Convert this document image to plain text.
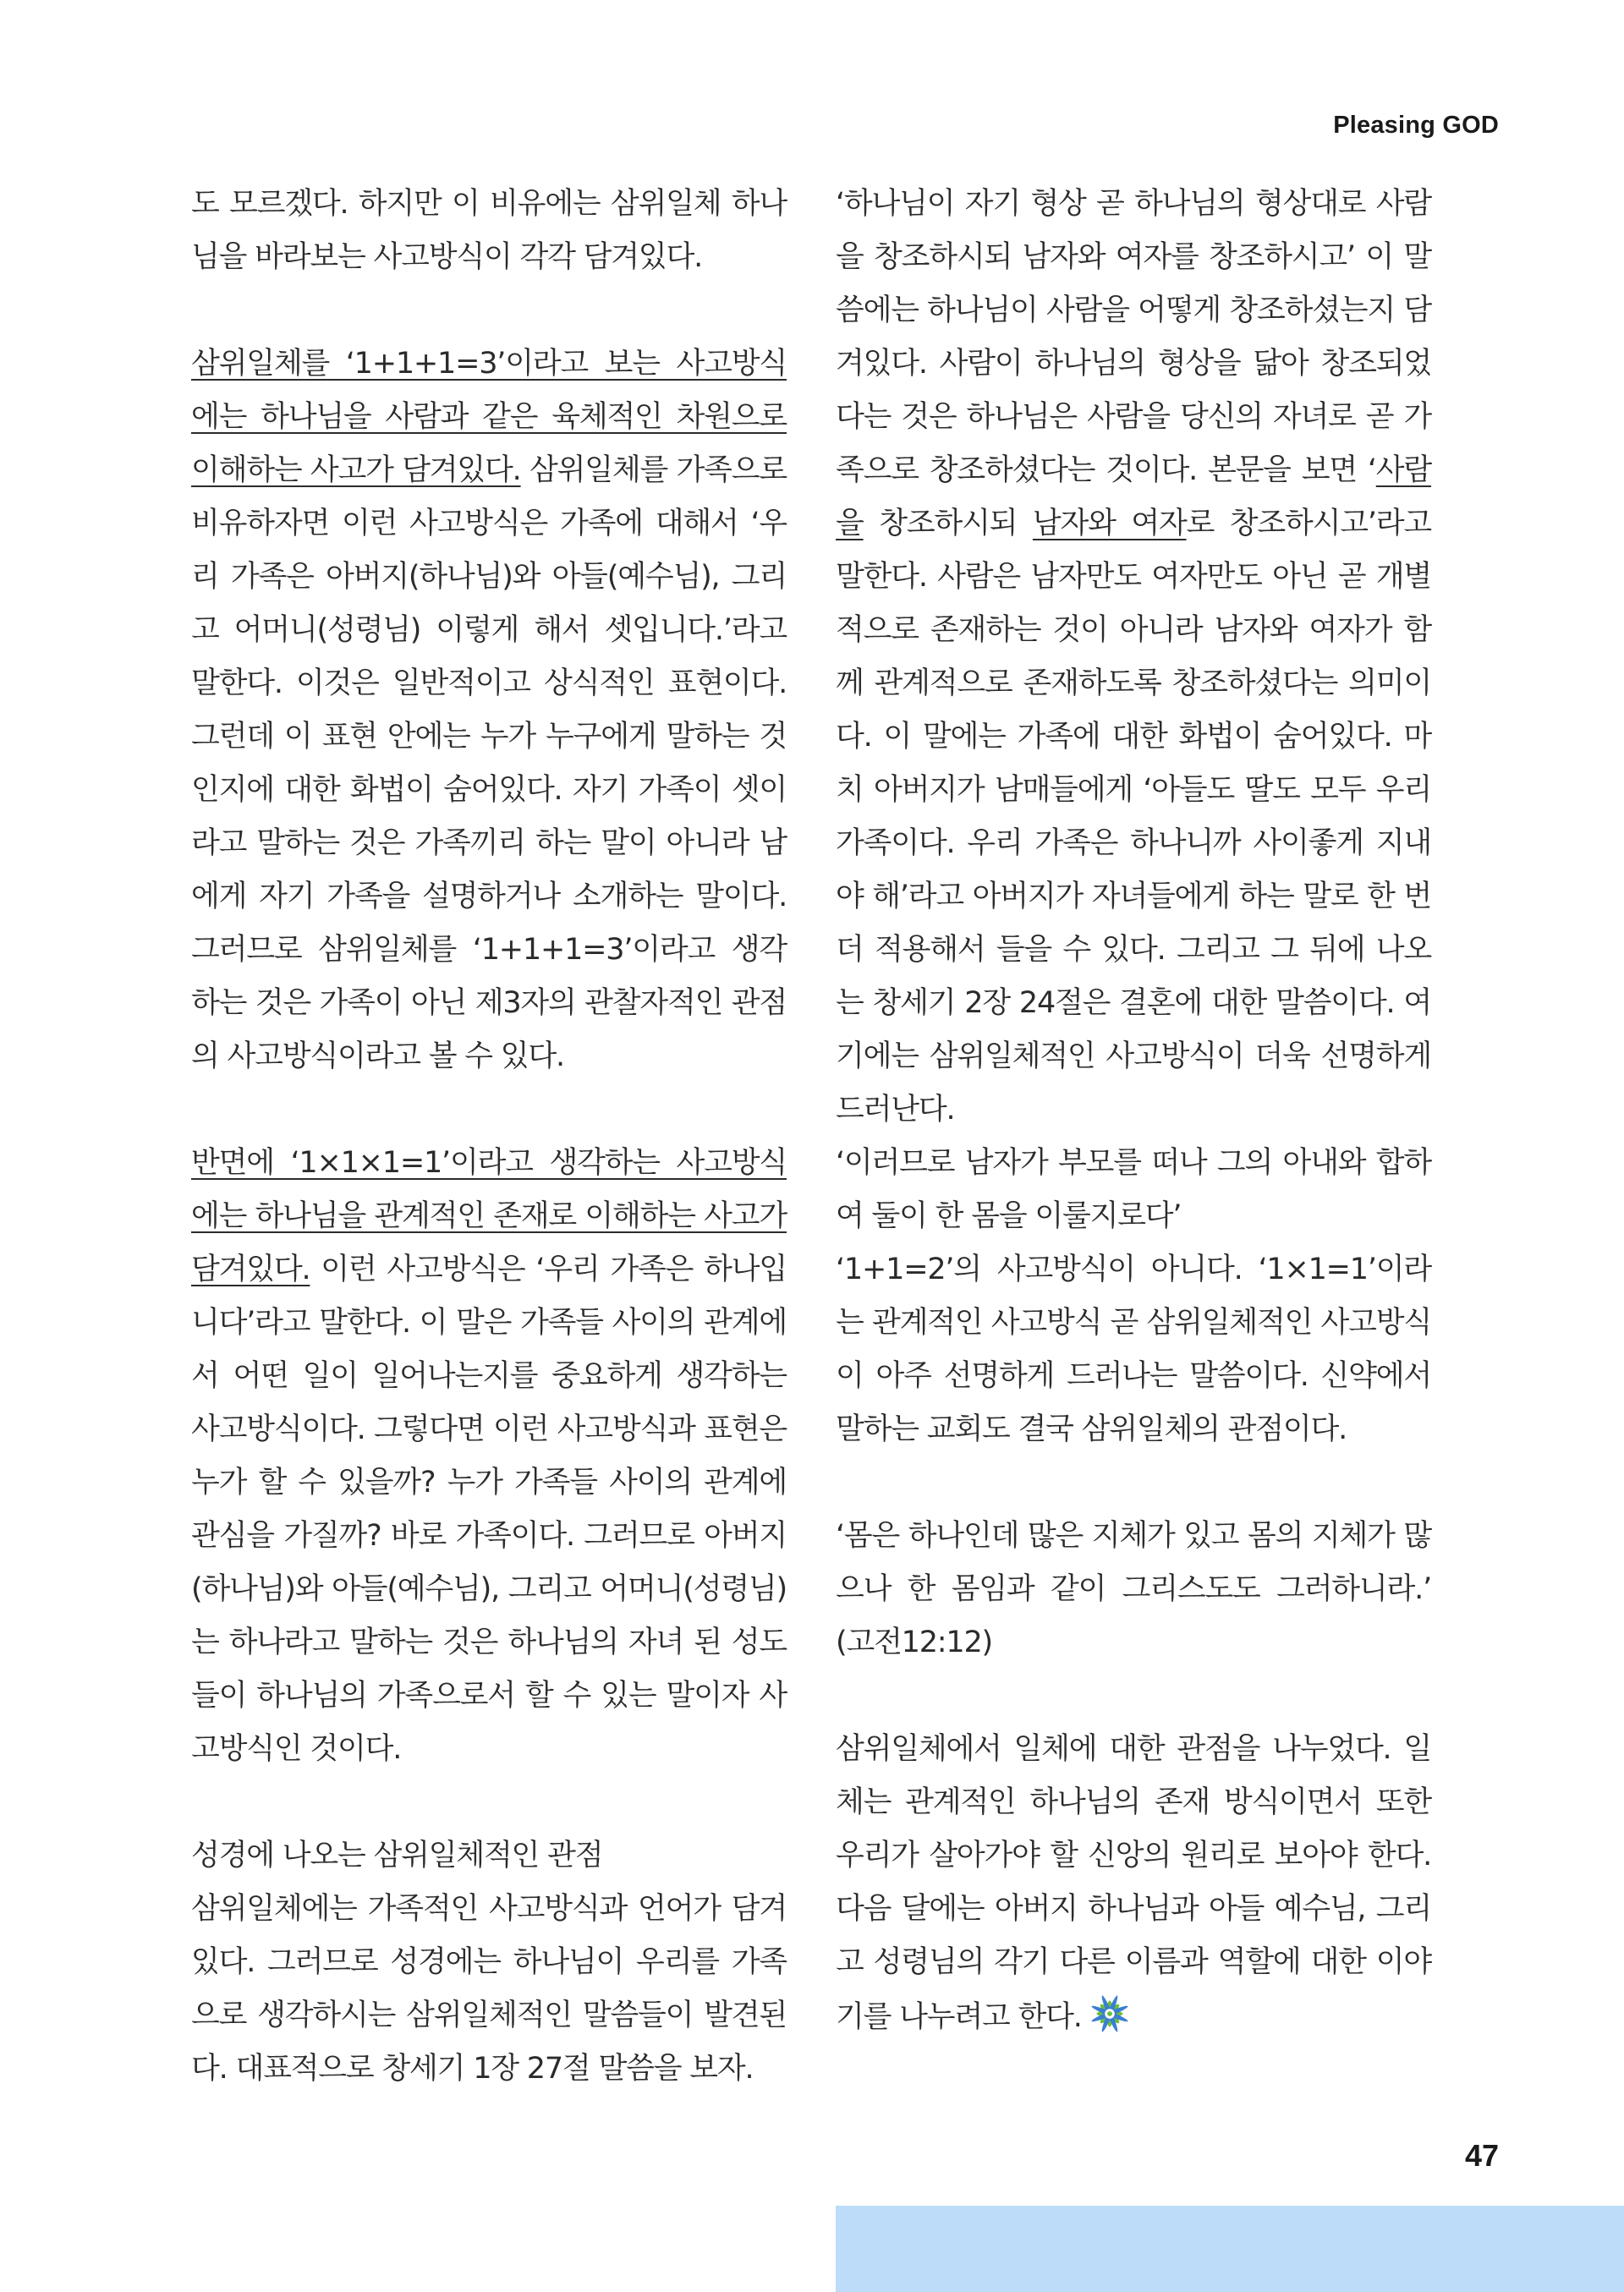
Pleasing GOD

도 모르겠다. 하지만 이 비유에는 삼위일체 하나님을 바라보는 사고방식이 각각 담겨있다.

삼위일체를 ‘1+1+1=3’이라고 보는 사고방식에는 하나님을 사람과 같은 육체적인 차원으로 이해하는 사고가 담겨있다. 삼위일체를 가족으로 비유하자면 이런 사고방식은 가족에 대해서 ‘우리 가족은 아버지(하나님)와 아들(예수님), 그리고 어머니(성령님) 이렇게 해서 셋입니다.’라고 말한다. 이것은 일반적이고 상식적인 표현이다. 그런데 이 표현 안에는 누가 누구에게 말하는 것인지에 대한 화법이 숨어있다. 자기 가족이 셋이라고 말하는 것은 가족끼리 하는 말이 아니라 남에게 자기 가족을 설명하거나 소개하는 말이다. 그러므로 삼위일체를 ‘1+1+1=3’이라고 생각하는 것은 가족이 아닌 제3자의 관찰자적인 관점의 사고방식이라고 볼 수 있다.

반면에 ‘1×1×1=1’이라고 생각하는 사고방식에는 하나님을 관계적인 존재로 이해하는 사고가 담겨있다. 이런 사고방식은 ‘우리 가족은 하나입니다’라고 말한다. 이 말은 가족들 사이의 관계에서 어떤 일이 일어나는지를 중요하게 생각하는 사고방식이다. 그렇다면 이런 사고방식과 표현은 누가 할 수 있을까? 누가 가족들 사이의 관계에 관심을 가질까? 바로 가족이다. 그러므로 아버지(하나님)와 아들(예수님), 그리고 어머니(성령님)는 하나라고 말하는 것은 하나님의 자녀 된 성도들이 하나님의 가족으로서 할 수 있는 말이자 사고방식인 것이다.

성경에 나오는 삼위일체적인 관점

삼위일체에는 가족적인 사고방식과 언어가 담겨있다. 그러므로 성경에는 하나님이 우리를 가족으로 생각하시는 삼위일체적인 말씀들이 발견된다. 대표적으로 창세기 1장 27절 말씀을 보자.

‘하나님이 자기 형상 곧 하나님의 형상대로 사람을 창조하시되 남자와 여자를 창조하시고’ 이 말씀에는 하나님이 사람을 어떻게 창조하셨는지 담겨있다. 사람이 하나님의 형상을 닮아 창조되었다는 것은 하나님은 사람을 당신의 자녀로 곧 가족으로 창조하셨다는 것이다. 본문을 보면 ‘사람을 창조하시되 남자와 여자로 창조하시고’라고 말한다. 사람은 남자만도 여자만도 아닌 곧 개별적으로 존재하는 것이 아니라 남자와 여자가 함께 관계적으로 존재하도록 창조하셨다는 의미이다. 이 말에는 가족에 대한 화법이 숨어있다. 마치 아버지가 남매들에게 ‘아들도 딸도 모두 우리 가족이다. 우리 가족은 하나니까 사이좋게 지내야 해’라고 아버지가 자녀들에게 하는 말로 한 번 더 적용해서 들을 수 있다. 그리고 그 뒤에 나오는 창세기 2장 24절은 결혼에 대한 말씀이다. 여기에는 삼위일체적인 사고방식이 더욱 선명하게 드러난다.

‘이러므로 남자가 부모를 떠나 그의 아내와 합하여 둘이 한 몸을 이룰지로다’

‘1+1=2’의 사고방식이 아니다. ‘1×1=1’이라는 관계적인 사고방식 곧 삼위일체적인 사고방식이 아주 선명하게 드러나는 말씀이다. 신약에서 말하는 교회도 결국 삼위일체의 관점이다.

‘몸은 하나인데 많은 지체가 있고 몸의 지체가 많으나 한 몸임과 같이 그리스도도 그러하니라.’ (고전12:12)

삼위일체에서 일체에 대한 관점을 나누었다. 일체는 관계적인 하나님의 존재 방식이면서 또한 우리가 살아가야 할 신앙의 원리로 보아야 한다. 다음 달에는 아버지 하나님과 아들 예수님, 그리고 성령님의 각기 다른 이름과 역할에 대한 이야기를 나누려고 한다.

47
